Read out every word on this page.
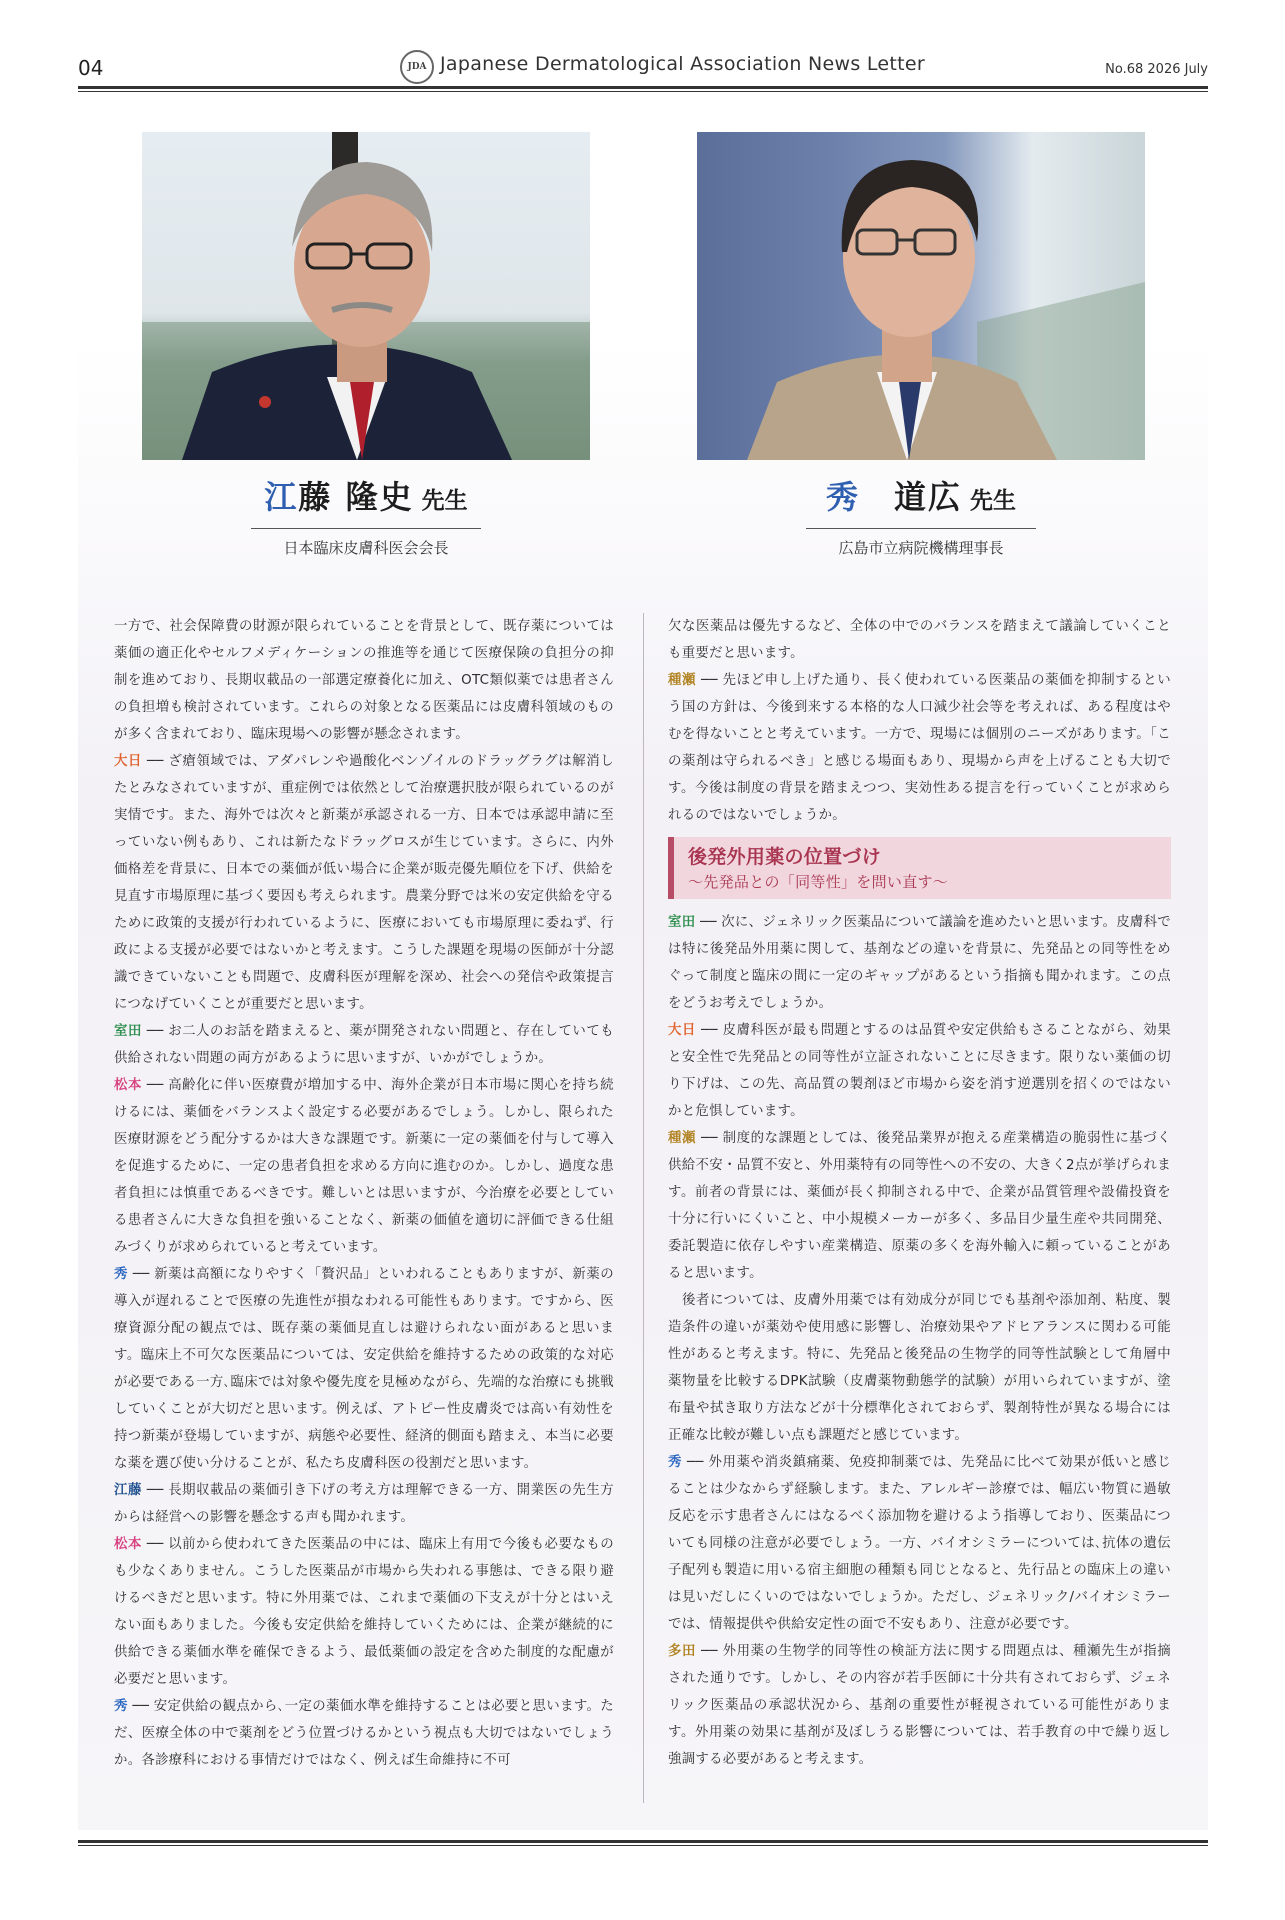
04	JDA Japanese Dermatological Association News Letter	No.68 2026 July
江藤 隆史 先生
日本臨床皮膚科医会会長
秀　道広 先生
広島市立病院機構理事長

一方で、社会保障費の財源が限られていることを背景として、既存薬については薬価の適正化やセルフメディケーションの推進等を通じて医療保険の負担分の抑制を進めており、長期収載品の一部選定療養化に加え、OTC類似薬では患者さんの負担増も検討されています。これらの対象となる医薬品には皮膚科領域のものが多く含まれており、臨床現場への影響が懸念されます。

大日 ── ざ瘡領域では、アダパレンや過酸化ベンゾイルのドラッグラグは解消したとみなされていますが、重症例では依然として治療選択肢が限られているのが実情です。また、海外では次々と新薬が承認される一方、日本では承認申請に至っていない例もあり、これは新たなドラッグロスが生じています。さらに、内外価格差を背景に、日本での薬価が低い場合に企業が販売優先順位を下げ、供給を見直す市場原理に基づく要因も考えられます。農業分野では米の安定供給を守るために政策的支援が行われているように、医療においても市場原理に委ねず、行政による支援が必要ではないかと考えます。こうした課題を現場の医師が十分認識できていないことも問題で、皮膚科医が理解を深め、社会への発信や政策提言につなげていくことが重要だと思います。

室田 ── お二人のお話を踏まえると、薬が開発されない問題と、存在していても供給されない問題の両方があるように思いますが、いかがでしょうか。

松本 ── 高齢化に伴い医療費が増加する中、海外企業が日本市場に関心を持ち続けるには、薬価をバランスよく設定する必要があるでしょう。しかし、限られた医療財源をどう配分するかは大きな課題です。新薬に一定の薬価を付与して導入を促進するために、一定の患者負担を求める方向に進むのか。しかし、過度な患者負担には慎重であるべきです。難しいとは思いますが、今治療を必要としている患者さんに大きな負担を強いることなく、新薬の価値を適切に評価できる仕組みづくりが求められていると考えています。

秀 ── 新薬は高額になりやすく「贅沢品」といわれることもありますが、新薬の導入が遅れることで医療の先進性が損なわれる可能性もあります。ですから、医療資源分配の観点では、既存薬の薬価見直しは避けられない面があると思います。臨床上不可欠な医薬品については、安定供給を維持するための政策的な対応が必要である一方､臨床では対象や優先度を見極めながら、先端的な治療にも挑戦していくことが大切だと思います。例えば、アトピー性皮膚炎では高い有効性を持つ新薬が登場していますが、病態や必要性、経済的側面も踏まえ、本当に必要な薬を選び使い分けることが、私たち皮膚科医の役割だと思います。

江藤 ── 長期収載品の薬価引き下げの考え方は理解できる一方、開業医の先生方からは経営への影響を懸念する声も聞かれます。

松本 ── 以前から使われてきた医薬品の中には、臨床上有用で今後も必要なものも少なくありません。こうした医薬品が市場から失われる事態は、できる限り避けるべきだと思います。特に外用薬では、これまで薬価の下支えが十分とはいえない面もありました。今後も安定供給を維持していくためには、企業が継続的に供給できる薬価水準を確保できるよう、最低薬価の設定を含めた制度的な配慮が必要だと思います。

秀 ── 安定供給の観点から､一定の薬価水準を維持することは必要と思います。ただ、医療全体の中で薬剤をどう位置づけるかという視点も大切ではないでしょうか。各診療科における事情だけではなく、例えば生命維持に不可

欠な医薬品は優先するなど、全体の中でのバランスを踏まえて議論していくことも重要だと思います。

種瀬 ── 先ほど申し上げた通り、長く使われている医薬品の薬価を抑制するという国の方針は、今後到来する本格的な人口減少社会等を考えれば、ある程度はやむを得ないことと考えています。一方で、現場には個別のニーズがあります。「この薬剤は守られるべき」と感じる場面もあり、現場から声を上げることも大切です。今後は制度の背景を踏まえつつ、実効性ある提言を行っていくことが求められるのではないでしょうか。

後発外用薬の位置づけ
～先発品との「同等性」を問い直す～

室田 ── 次に、ジェネリック医薬品について議論を進めたいと思います。皮膚科では特に後発品外用薬に関して、基剤などの違いを背景に、先発品との同等性をめぐって制度と臨床の間に一定のギャップがあるという指摘も聞かれます。この点をどうお考えでしょうか。

大日 ── 皮膚科医が最も問題とするのは品質や安定供給もさることながら、効果と安全性で先発品との同等性が立証されないことに尽きます。限りない薬価の切り下げは、この先、高品質の製剤ほど市場から姿を消す逆選別を招くのではないかと危惧しています。

種瀬 ── 制度的な課題としては、後発品業界が抱える産業構造の脆弱性に基づく供給不安・品質不安と、外用薬特有の同等性への不安の、大きく2点が挙げられます。前者の背景には、薬価が長く抑制される中で、企業が品質管理や設備投資を十分に行いにくいこと、中小規模メーカーが多く、多品目少量生産や共同開発、委託製造に依存しやすい産業構造、原薬の多くを海外輸入に頼っていることがあると思います。

　後者については、皮膚外用薬では有効成分が同じでも基剤や添加剤、粘度、製造条件の違いが薬効や使用感に影響し、治療効果やアドヒアランスに関わる可能性があると考えます。特に、先発品と後発品の生物学的同等性試験として角層中薬物量を比較するDPK試験（皮膚薬物動態学的試験）が用いられていますが、塗布量や拭き取り方法などが十分標準化されておらず、製剤特性が異なる場合には正確な比較が難しい点も課題だと感じています。

秀 ── 外用薬や消炎鎮痛薬、免疫抑制薬では、先発品に比べて効果が低いと感じることは少なからず経験します。また、アレルギー診療では、幅広い物質に過敏反応を示す患者さんにはなるべく添加物を避けるよう指導しており、医薬品についても同様の注意が必要でしょう。一方、バイオシミラーについては､抗体の遺伝子配列も製造に用いる宿主細胞の種類も同じとなると、先行品との臨床上の違いは見いだしにくいのではないでしょうか。ただし、ジェネリック/バイオシミラーでは、情報提供や供給安定性の面で不安もあり、注意が必要です。

多田 ── 外用薬の生物学的同等性の検証方法に関する問題点は、種瀬先生が指摘された通りです。しかし、その内容が若手医師に十分共有されておらず、ジェネリック医薬品の承認状況から、基剤の重要性が軽視されている可能性があります。外用薬の効果に基剤が及ぼしうる影響については、若手教育の中で繰り返し強調する必要があると考えます。
